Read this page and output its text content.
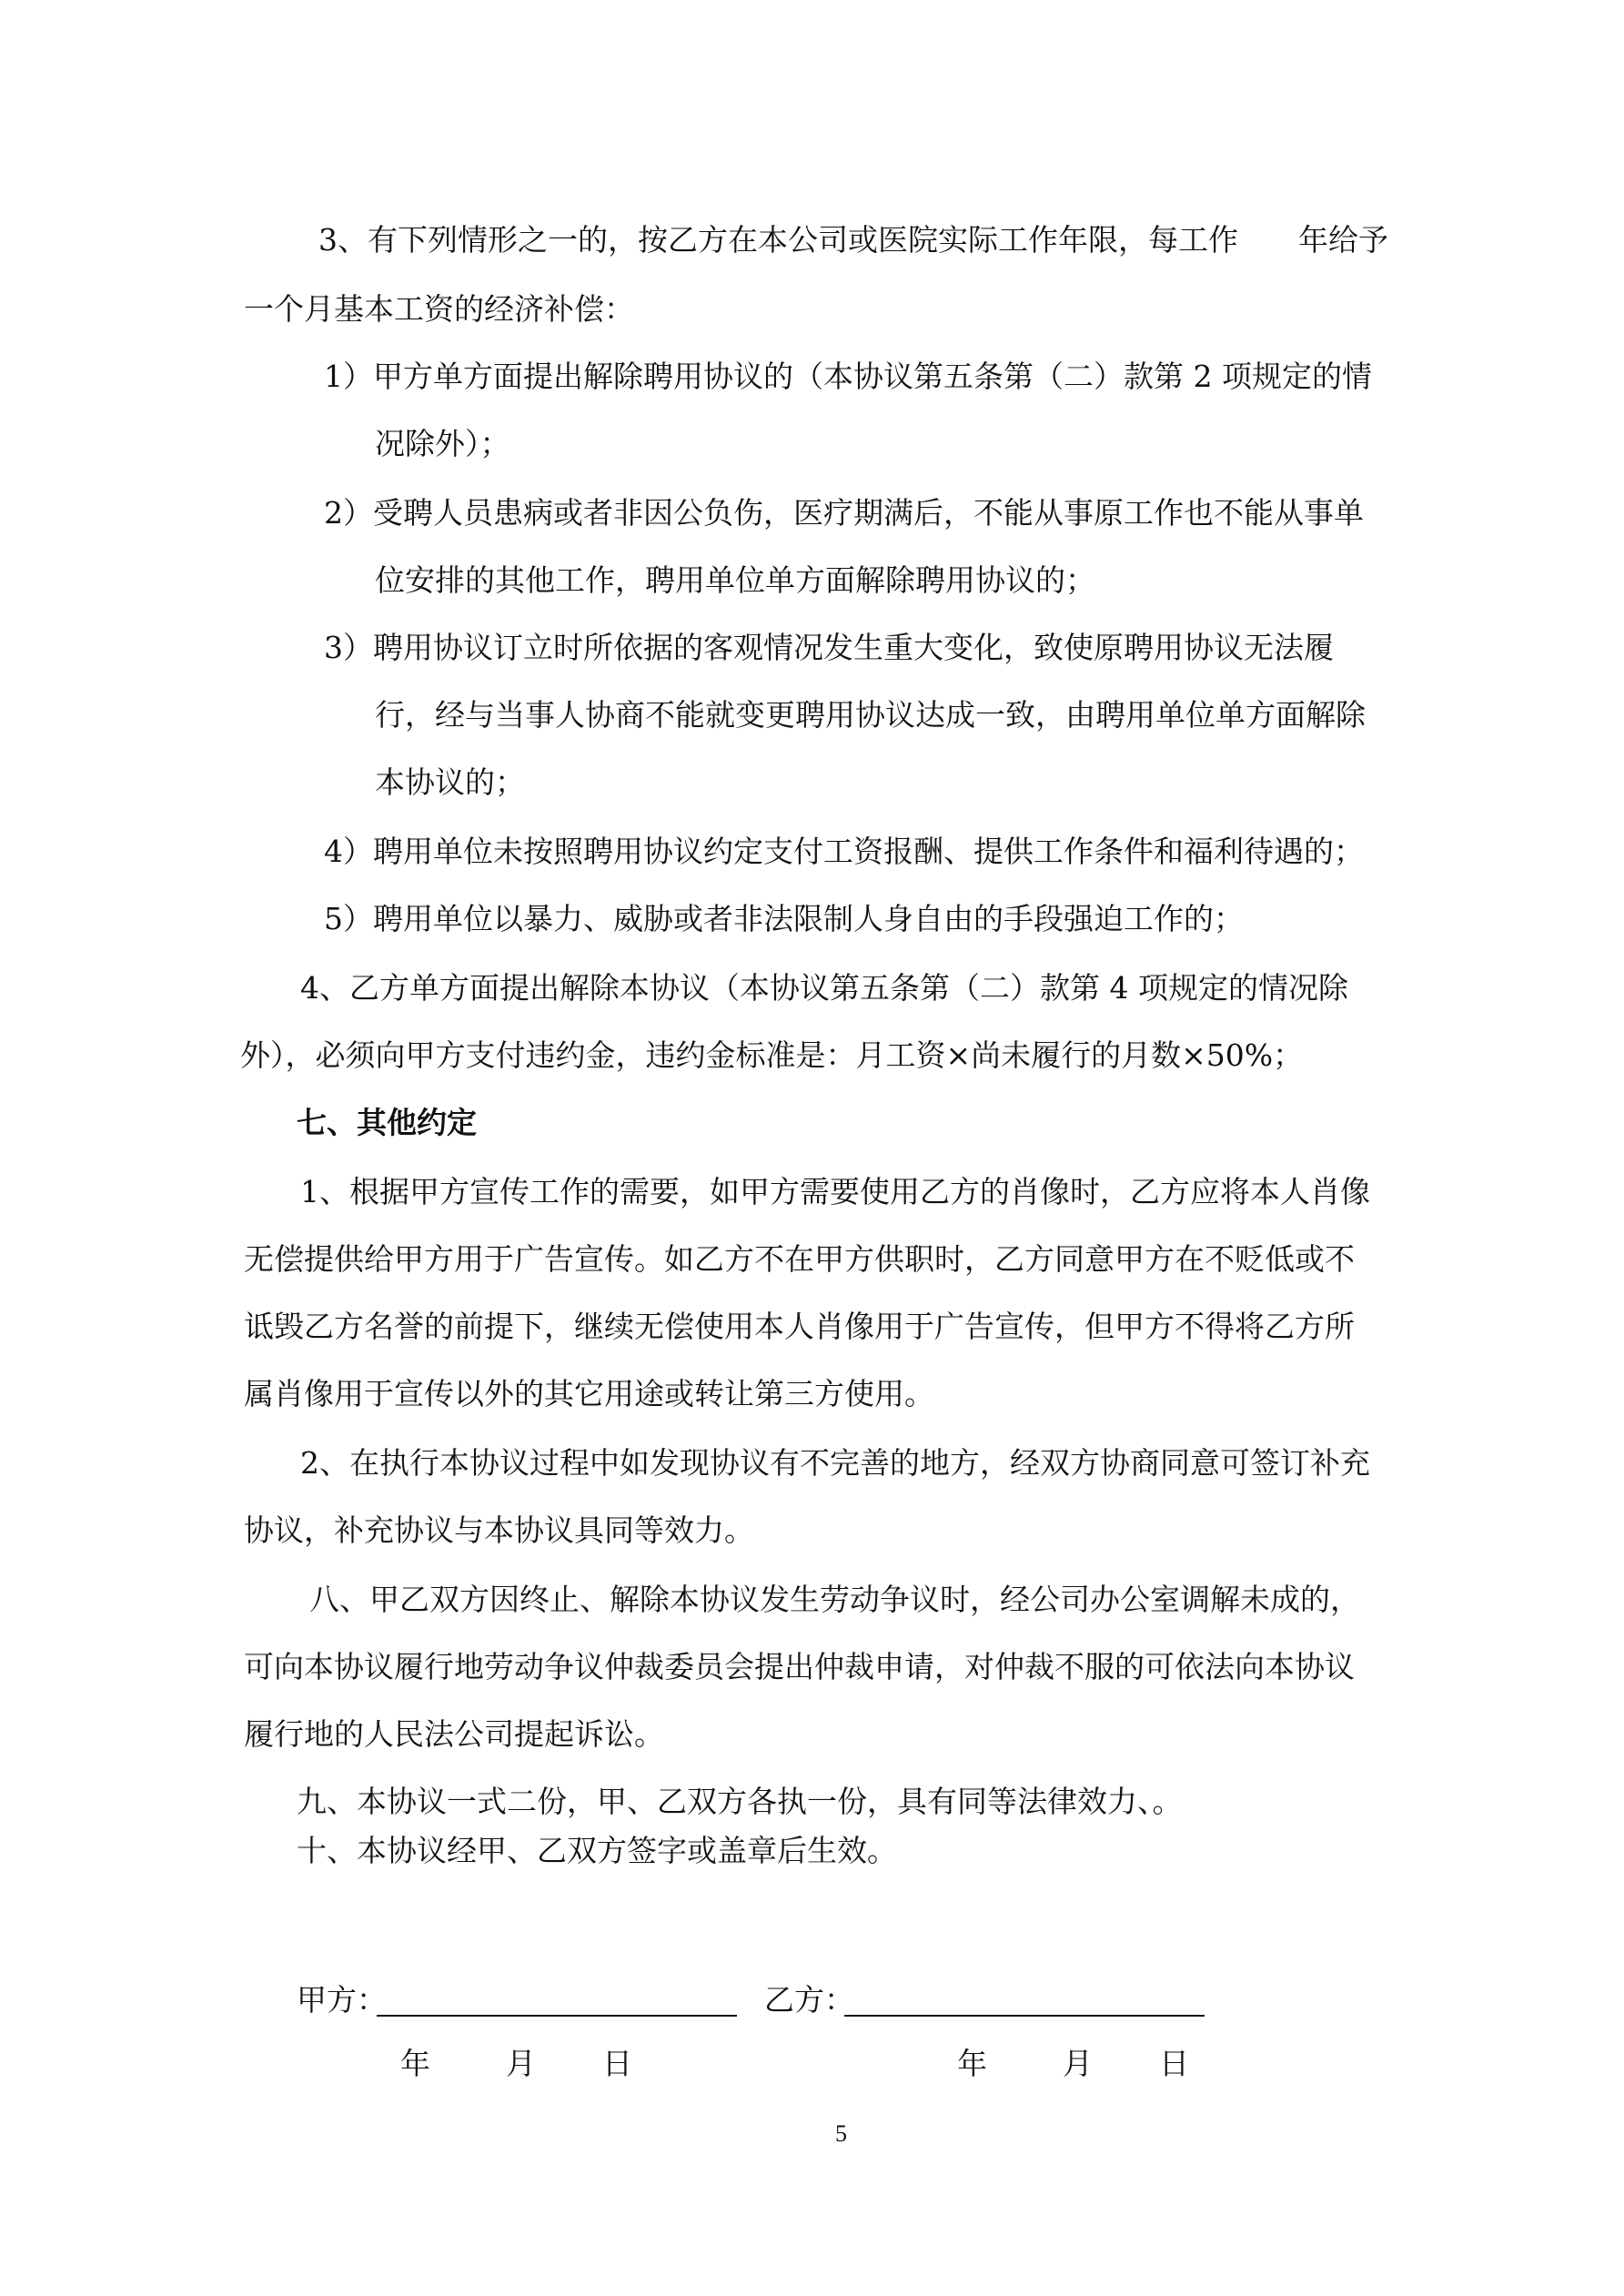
3、有下列情形之一的，按乙方在本公司或医院实际工作年限，每工作　　年给予
一个月基本工资的经济补偿：
1）甲方单方面提出解除聘用协议的（本协议第五条第（二）款第 2 项规定的情
况除外）；
2）受聘人员患病或者非因公负伤，医疗期满后，不能从事原工作也不能从事单
位安排的其他工作，聘用单位单方面解除聘用协议的；
3）聘用协议订立时所依据的客观情况发生重大变化，致使原聘用协议无法履
行，经与当事人协商不能就变更聘用协议达成一致，由聘用单位单方面解除
本协议的；
4）聘用单位未按照聘用协议约定支付工资报酬、提供工作条件和福利待遇的；
5）聘用单位以暴力、威胁或者非法限制人身自由的手段强迫工作的；
4、乙方单方面提出解除本协议（本协议第五条第（二）款第 4 项规定的情况除
外），必须向甲方支付违约金，违约金标准是：月工资×尚未履行的月数×50%；
七、其他约定
1、根据甲方宣传工作的需要，如甲方需要使用乙方的肖像时，乙方应将本人肖像
无偿提供给甲方用于广告宣传。如乙方不在甲方供职时，乙方同意甲方在不贬低或不
诋毁乙方名誉的前提下，继续无偿使用本人肖像用于广告宣传，但甲方不得将乙方所
属肖像用于宣传以外的其它用途或转让第三方使用。
2、在执行本协议过程中如发现协议有不完善的地方，经双方协商同意可签订补充
协议，补充协议与本协议具同等效力。
八、甲乙双方因终止、解除本协议发生劳动争议时，经公司办公室调解未成的，
可向本协议履行地劳动争议仲裁委员会提出仲裁申请，对仲裁不服的可依法向本协议
履行地的人民法公司提起诉讼。
九、本协议一式二份，甲、乙双方各执一份，具有同等法律效力、。
十、本协议经甲、乙双方签字或盖章后生效。
甲方：	乙方：
年	月 日	年	月 日
5
